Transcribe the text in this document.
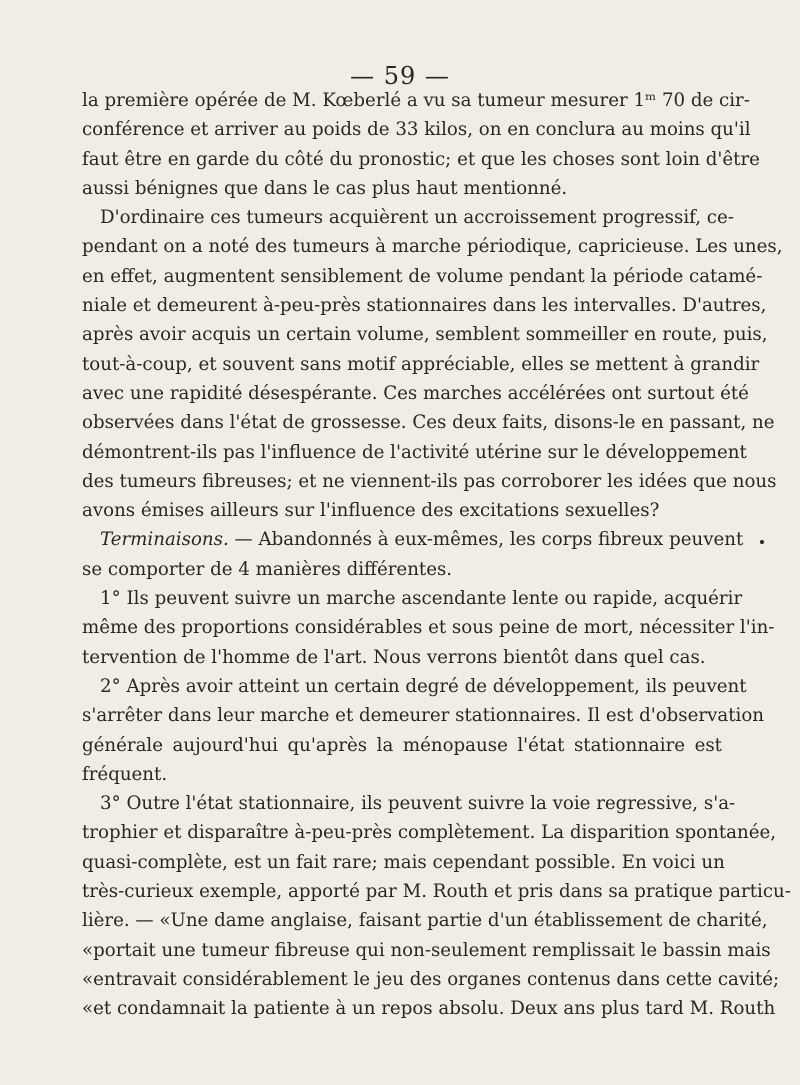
— 59 —
la première opérée de M. Kœberlé a vu sa tumeur mesurer 1ᵐ 70 de cir-
conférence et arriver au poids de 33 kilos, on en conclura au moins qu'il
faut être en garde du côté du pronostic; et que les choses sont loin d'être
aussi bénignes que dans le cas plus haut mentionné.
D'ordinaire ces tumeurs acquièrent un accroissement progressif, ce-
pendant on a noté des tumeurs à marche périodique, capricieuse. Les unes,
en effet, augmentent sensiblement de volume pendant la période catamé-
niale et demeurent à-peu-près stationnaires dans les intervalles. D'autres,
après avoir acquis un certain volume, semblent sommeiller en route, puis,
tout-à-coup, et souvent sans motif appréciable, elles se mettent à grandir
avec une rapidité désespérante. Ces marches accélérées ont surtout été
observées dans l'état de grossesse. Ces deux faits, disons-le en passant, ne
démontrent-ils pas l'influence de l'activité utérine sur le développement
des tumeurs fibreuses; et ne viennent-ils pas corroborer les idées que nous
avons émises ailleurs sur l'influence des excitations sexuelles?
Terminaisons. — Abandonnés à eux-mêmes, les corps fibreux peuvent
se comporter de 4 manières différentes.
1° Ils peuvent suivre un marche ascendante lente ou rapide, acquérir
même des proportions considérables et sous peine de mort, nécessiter l'in-
tervention de l'homme de l'art. Nous verrons bientôt dans quel cas.
2° Après avoir atteint un certain degré de développement, ils peuvent
s'arrêter dans leur marche et demeurer stationnaires. Il est d'observation
générale aujourd'hui qu'après la ménopause l'état stationnaire est
fréquent.
3° Outre l'état stationnaire, ils peuvent suivre la voie regressive, s'a-
trophier et disparaître à-peu-près complètement. La disparition spontanée,
quasi-complète, est un fait rare; mais cependant possible. En voici un
très-curieux exemple, apporté par M. Routh et pris dans sa pratique particu-
lière. — «Une dame anglaise, faisant partie d'un établissement de charité,
«portait une tumeur fibreuse qui non-seulement remplissait le bassin mais
«entravait considérablement le jeu des organes contenus dans cette cavité;
«et condamnait la patiente à un repos absolu. Deux ans plus tard M. Routh
